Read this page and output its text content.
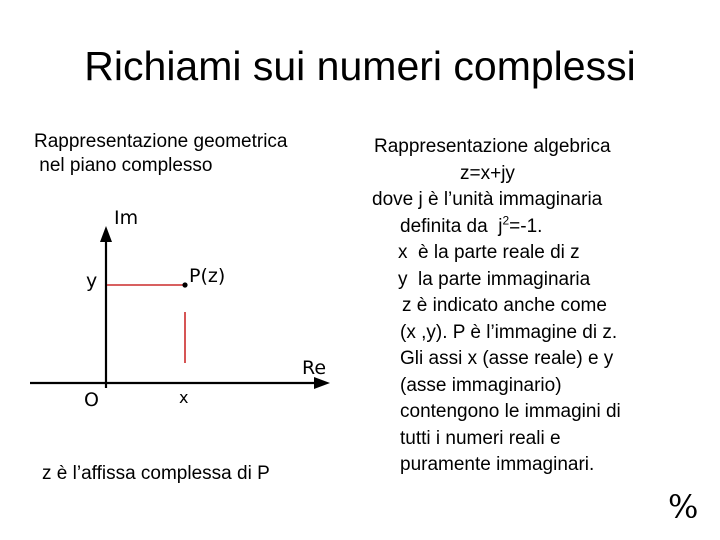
Richiami sui numeri complessi
Rappresentazione geometrica
nel piano complesso
Im
Re
y	P(z)
O	x
z è l’affissa complessa di P
Rappresentazione algebrica
z=x+jy
dove j è l’unità immaginaria
definita da  $j^2=-1$.
x  è la parte reale di z
y  la parte immaginaria
z è indicato anche come
(x ,y). P è l’immagine di z.
Gli assi x (asse reale) e y
(asse immaginario)
contengono le immagini di
tutti i numeri reali e
puramente immaginari.
%
